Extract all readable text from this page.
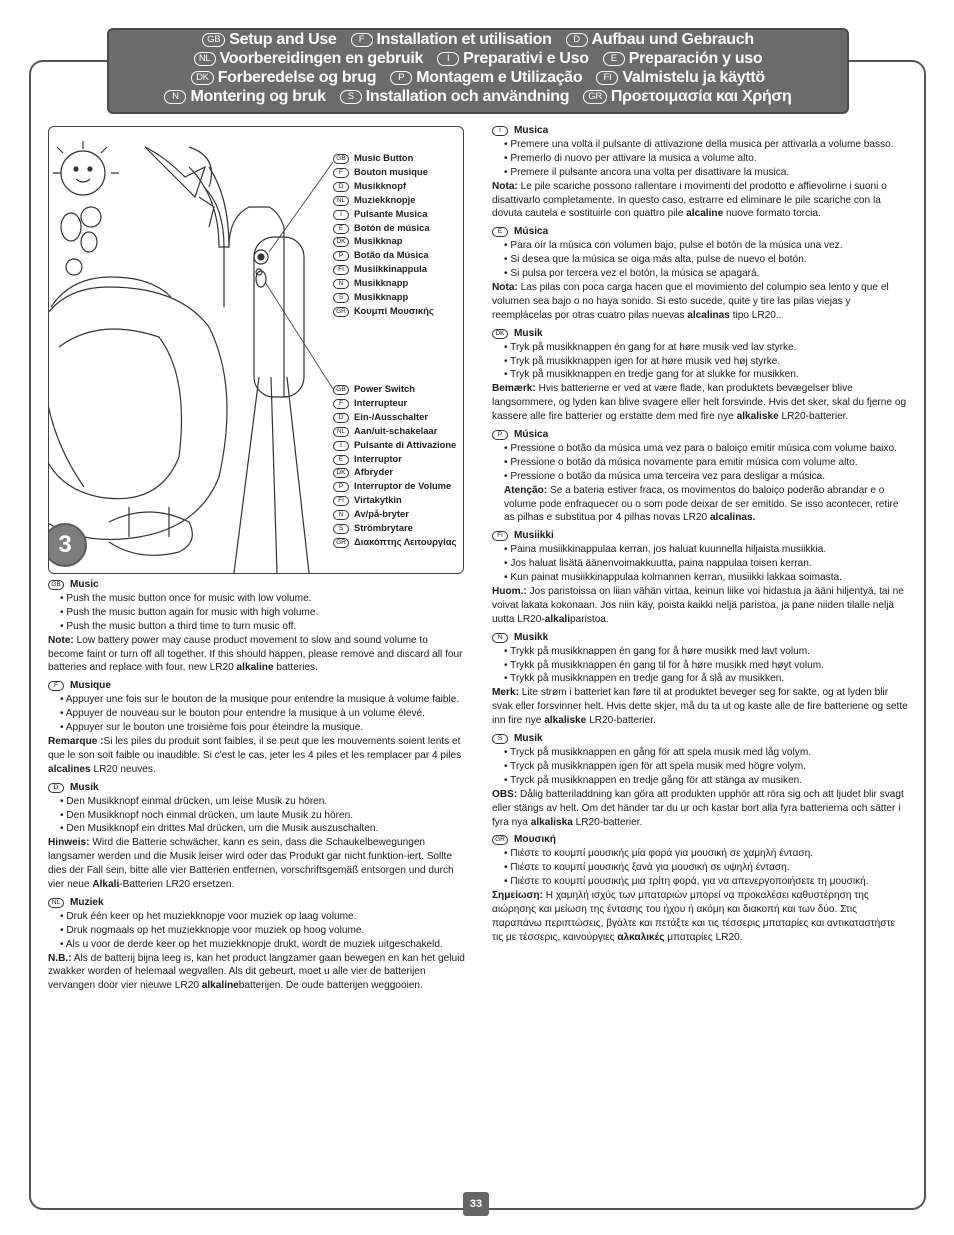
GB Setup and Use F Installation et utilisation D Aufbau und Gebrauch
NL Voorbereidingen en gebruik	I Preparativi e Uso E Preparación y uso
DK Forberedelse og brug P Montagem e Utilização FI Valmistelu ja käyttö
N Montering og bruk S Installation och användning GR Προετοιμασία και Χρήση
3
GB Music Button
F Bouton musique
D Musikknopf
NL Muziekknopje
I Pulsante Musica
E Botón de música
DK Musikknap
P Botão da Música
FI Musiikkinappula
N Musikknapp
S Musikknapp
GR Κουμπί Μουσικής
GB Power Switch
F Interrupteur
D Ein-/Ausschalter
NL Aan/uit-schakelaar
I Pulsante di Attivazione
E Interruptor
DK Afbryder
P Interruptor de Volume
FI Virtakytkin
N Av/på-bryter
S Strömbrytare
GR Διακόπτης Λειτουργίας
GB Music
• Push the music button once for music with low volume.
• Push the music button again for music with high volume.
• Push the music button a third time to turn music off.
Note: Low battery power may cause product movement to slow and sound volume to become faint or turn off all together. If this should happen, please remove and discard all four batteries and replace with four, new LR20 alkaline batteries.
F Musique
• Appuyer une fois sur le bouton de la musique pour entendre la musique à volume faible.
• Appuyer de nouveau sur le bouton pour entendre la musique à un volume élevé.
• Appuyer sur le bouton une troisième fois pour éteindre la musique.
Remarque :Si les piles du produit sont faibles, il se peut que les mouvements soient lents et que le son soit faible ou inaudible. Si c'est le cas, jeter les 4 piles et les remplacer par 4 piles alcalines LR20 neuves.
D Musik
• Den Musikknopf einmal drücken, um leise Musik zu hören.
• Den Musikknopf noch einmal drücken, um laute Musik zu hören.
• Den Musikknopf ein drittes Mal drücken, um die Musik auszuschalten.
Hinweis: Wird die Batterie schwächer, kann es sein, dass die Schaukelbewegungen langsamer werden und die Musik leiser wird oder das Produkt gar nicht funktion-iert. Sollte dies der Fall sein, bitte alle vier Batterien entfernen, vorschriftsgemäß entsorgen und durch vier neue Alkali-Batterien LR20 ersetzen.
NL Muziek
• Druk één keer op het muziekknopje voor muziek op laag volume.
• Druk nogmaals op het muziekknopje voor muziek op hoog volume.
• Als u voor de derde keer op het muziekknopje drukt, wordt de muziek uitgeschakeld.
N.B.: Als de batterij bijna leeg is, kan het product langzamer gaan bewegen en kan het geluid zwakker worden of helemaal wegvallen. Als dit gebeurt, moet u alle vier de batterijen vervangen door vier nieuwe LR20 alkalinebatterijen. De oude batterijen weggooien.
I Musica
• Premere una volta il pulsante di attivazione della musica per attivarla a volume basso.
• Premerlo di nuovo per attivare la musica a volume alto.
• Premere il pulsante ancora una volta per disattivare la musica.
Nota: Le pile scariche possono rallentare i movimenti del prodotto e affievolirne i suoni o disattivarlo completamente. In questo caso, estrarre ed eliminare le pile scariche con la dovuta cautela e sostituirle con quattro pile alcaline nuove formato torcia.
E Música
• Para oír la música con volumen bajo, pulse el botón de la música una vez.
• Si desea que la música se oiga más alta, pulse de nuevo el botón.
• Si pulsa por tercera vez el botón, la música se apagará.
Nota: Las pilas con poca carga hacen que el movimiento del columpio sea lento y que el volumen sea bajo o no haya sonido. Si esto sucede, quite y tire las pilas viejas y reemplácelas por otras cuatro pilas nuevas alcalinas tipo LR20..
DK Musik
• Tryk på musikknappen én gang for at høre musik ved lav styrke.
• Tryk på musikknappen igen for at høre musik ved høj styrke.
• Tryk på musikknappen en tredje gang for at slukke for musikken.
Bemærk: Hvis batterierne er ved at være flade, kan produktets bevægelser blive langsommere, og lyden kan blive svagere eller helt forsvinde. Hvis det sker, skal du fjerne og kassere alle fire batterier og erstatte dem med fire nye alkaliske LR20-batterier.
P Música
• Pressione o botão da música uma vez para o baloiço emitir música com volume baixo.
• Pressione o botão da música novamente para emitir música com volume alto.
• Pressione o botão da música uma terceira vez para desligar a música.
Atenção: Se a bateria estiver fraca, os movimentos do baloiço poderão abrandar e o volume pode enfraquecer ou o som pode deixar de ser emitido. Se isso acontecer, retire as pilhas e substitua por 4 pilhas novas LR20 alcalinas.
FI Musiikki
• Paina musiikkinappulaa kerran, jos haluat kuunnella hiljaista musiikkia.
• Jos haluat lisätä äänenvoimakkuutta, paina nappulaa toisen kerran.
• Kun painat musiikkinappulaa kolmannen kerran, musiikki lakkaa soimasta.
Huom.: Jos paristoissa on liian vähän virtaa, keinun liike voi hidastua ja ääni hiljentyä, tai ne voivat lakata kokonaan. Jos niin käy, poista kaikki neljä paristoa, ja pane niiden tilalle neljä uutta LR20-alkaliparistoa.
N Musikk
• Trykk på musikknappen én gang for å høre musikk med lavt volum.
• Trykk på musikknappen én gang til for å høre musikk med høyt volum.
• Trykk på musikknappen en tredje gang for å slå av musikken.
Merk: Lite strøm i batteriet kan føre til at produktet beveger seg for sakte, og at lyden blir svak eller forsvinner helt. Hvis dette skjer, må du ta ut og kaste alle de fire batteriene og sette inn fire nye alkaliske LR20-batterier.
S Musik
• Tryck på musikknappen en gång för att spela musik med låg volym.
• Tryck på musikknappen igen för att spela musik med högre volym.
• Tryck på musikknappen en tredje gång för att stänga av musiken.
OBS: Dålig batteriladdning kan göra att produkten upphör att röra sig och att ljudet blir svagt eller stängs av helt. Om det händer tar du ur och kastar bort alla fyra batterierna och sätter i fyra nya alkaliska LR20-batterier.
GR Μουσική
• Πιέστε το κουμπί μουσικής μία φορά για μουσική σε χαμηλή ένταση.
• Πιέστε το κουμπί μουσικής ξανά για μουσική σε υψηλή ένταση.
• Πιέστε το κουμπί μουσικής μια τρίτη φορά, για να απενεργοποιήσετε τη μουσική.
Σημείωση: Η χαμηλή ισχύς των μπαταριών μπορεί να προκαλέσει καθυστέρηση της αιώρησης και μείωση της έντασης του ήχου ή ακόμη και διακοπή και των δύο. Στις παραπάνω περιπτώσεις, βγάλτε και πετάξτε και τις τέσσερις μπαταρίες και αντικαταστήστε τις με τέσσερις, καινούργιες αλκαλικές μπαταρίες LR20.
33
